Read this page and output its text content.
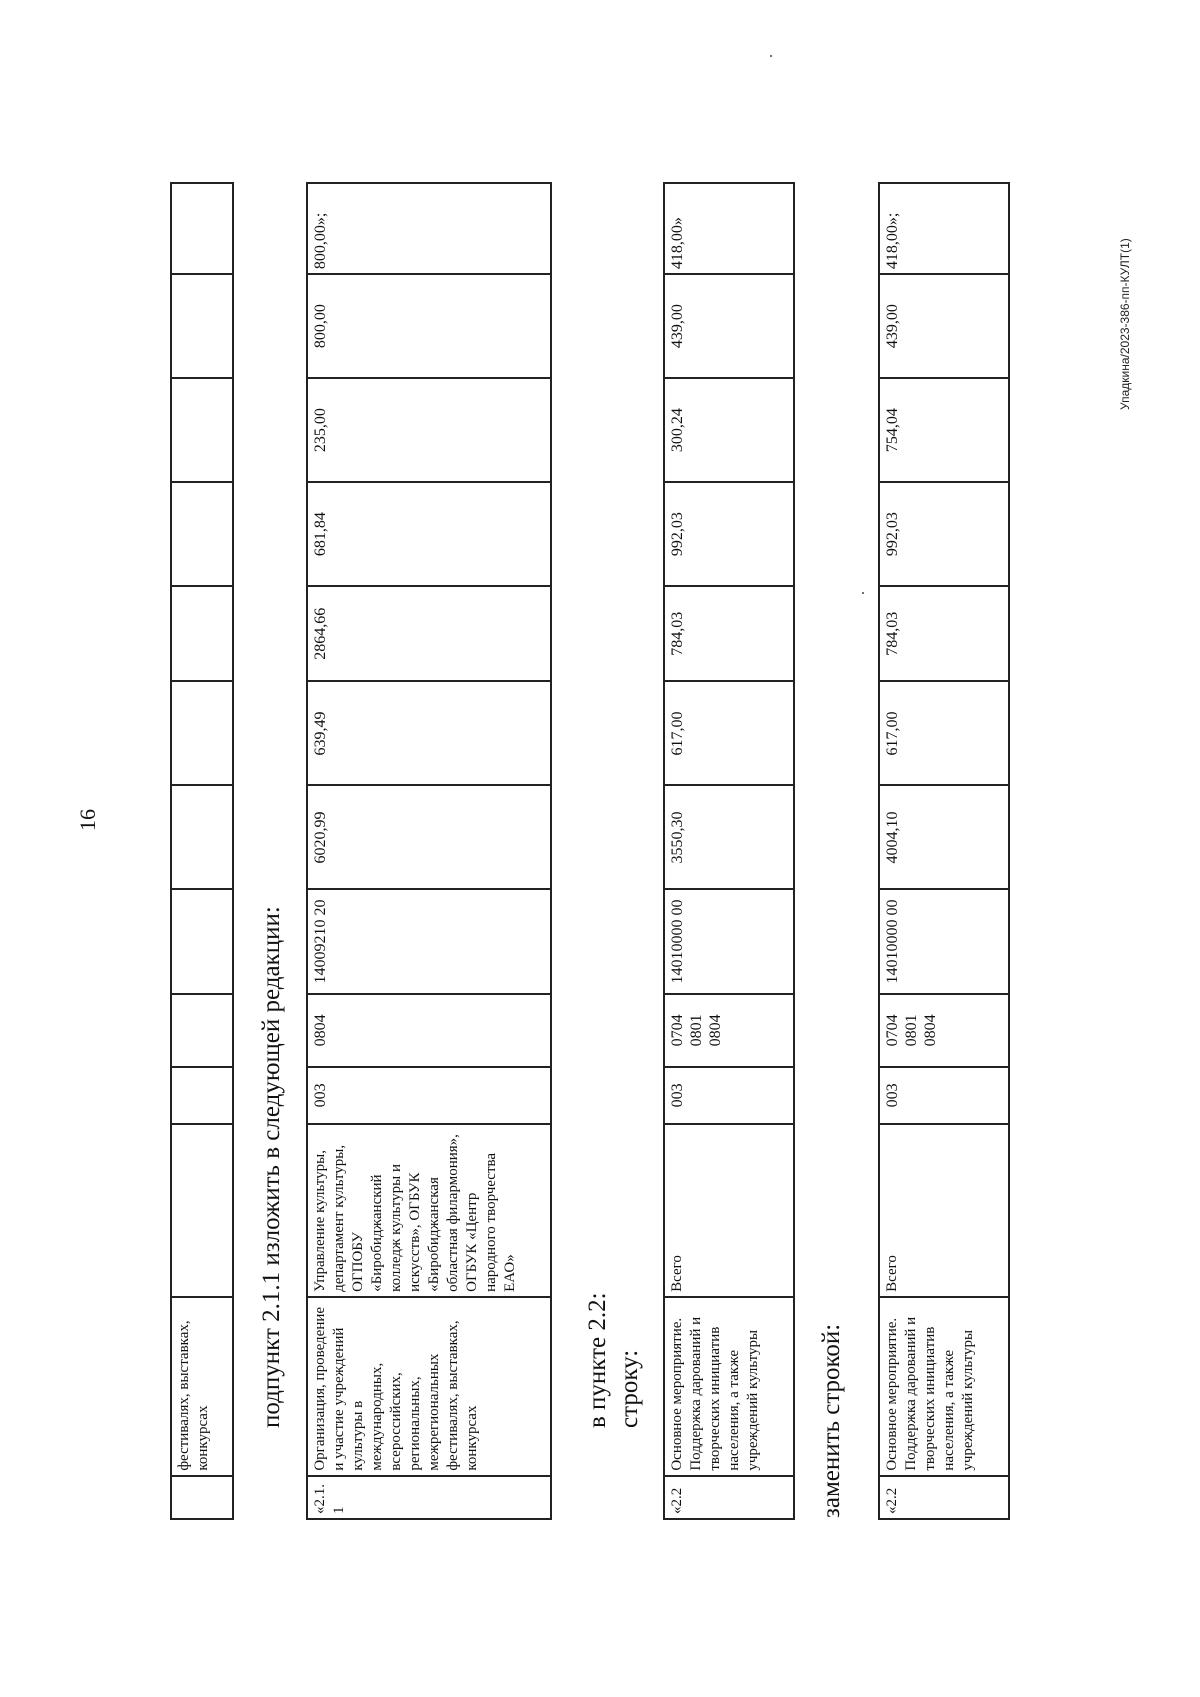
16
	фестивалях, выставках, конкурсах											
подпункт 2.1.1 изложить в следующей редакции:
«2.1.1	Организация, проведение и участие учреждений культуры в международных, всероссийских, региональных, межрегиональных фестивалях, выставках, конкурсах	Управление культуры, департамент культуры, ОГПОБУ «Биробиджанский колледж культуры и искусств», ОГБУК «Биробиджанская областная филармония», ОГБУК «Центр народного творчества ЕАО»	003	0804	14009210 20	6020,99	639,49	2864,66	681,84	235,00	800,00	800,00»;
в пункте 2.2: строку:
«2.2	Основное мероприятие. Поддержка дарований и творческих инициатив населения, а также учреждений культуры	Всего	003	0704 0801 0804	14010000 00	3550,30	617,00	784,03	992,03	300,24	439,00	418,00»
заменить строкой:	«2.2	Основное мероприятие. Поддержка дарований и творческих инициатив населения, а также учреждений культуры	Всего	003	0704 0801 0804	14010000 00	4004,10	617,00	784,03	992,03	754,04	439,00	418,00»;	Упадкина/2023-386-пп-КУЛТ(1)
